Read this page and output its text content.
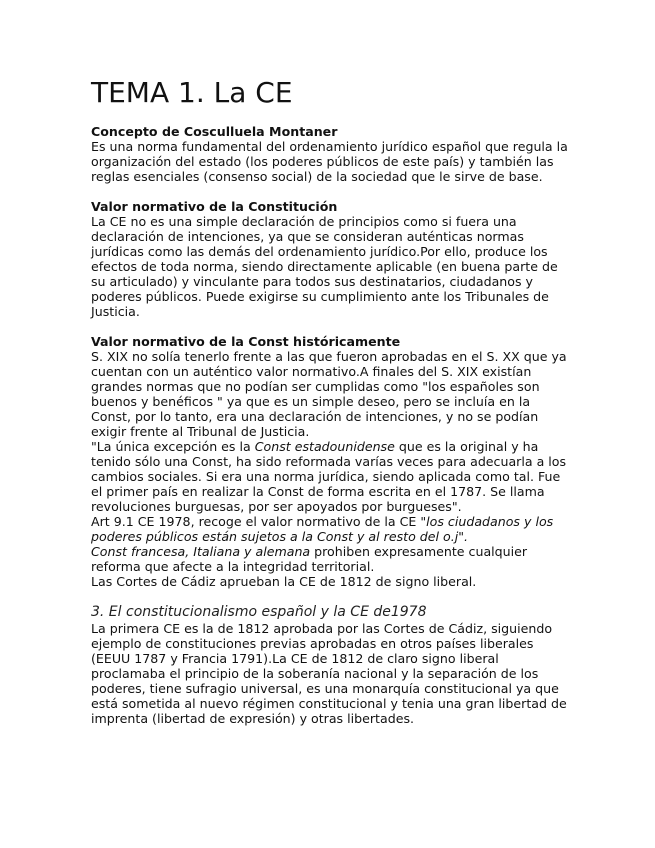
TEMA 1. La CE

Concepto de Cosculluela Montaner

Es una norma fundamental del ordenamiento jurídico español que regula la organización del estado (los poderes públicos de este país) y también las reglas esenciales (consenso social) de la sociedad que le sirve de base.

Valor normativo de la Constitución

La CE no es una simple declaración de principios como si fuera una declaración de intenciones, ya que se consideran auténticas normas jurídicas como las demás del ordenamiento jurídico.Por ello, produce los efectos de toda norma, siendo directamente aplicable (en buena parte de su articulado) y vinculante para todos sus destinatarios, ciudadanos y poderes públicos. Puede exigirse su cumplimiento ante los Tribunales de Justicia.

Valor normativo de la Const históricamente

S. XIX no solía tenerlo frente a las que fueron aprobadas en el S. XX que ya cuentan con un auténtico valor normativo.A finales del S. XIX existían grandes normas que no podían ser cumplidas como "los españoles son buenos y benéficos " ya que es un simple deseo, pero se incluía en la Const, por lo tanto, era una declaración de intenciones, y no se podían exigir frente al Tribunal de Justicia.

"La única excepción es la Const estadounidense que es la original y ha tenido sólo una Const, ha sido reformada varías veces para adecuarla a los cambios sociales. Si era una norma jurídica, siendo aplicada como tal. Fue el primer país en realizar la Const de forma escrita en el 1787. Se llama revoluciones burguesas, por ser apoyados por burgueses".

Art 9.1 CE 1978, recoge el valor normativo de la CE "los ciudadanos y los poderes públicos están sujetos a la Const y al resto del o.j".

Const francesa, Italiana y alemana prohiben expresamente cualquier reforma que afecte a la integridad territorial.

Las Cortes de Cádiz aprueban la CE de 1812 de signo liberal.

3. El constitucionalismo español y la CE de1978

La primera CE es la de 1812 aprobada por las Cortes de Cádiz, siguiendo ejemplo de constituciones previas aprobadas en otros países liberales (EEUU 1787 y Francia 1791).La CE de 1812 de claro signo liberal proclamaba el principio de la soberanía nacional y la separación de los poderes, tiene sufragio universal, es una monarquía constitucional ya que está sometida al nuevo régimen constitucional y tenia una gran libertad de imprenta (libertad de expresión) y otras libertades.
